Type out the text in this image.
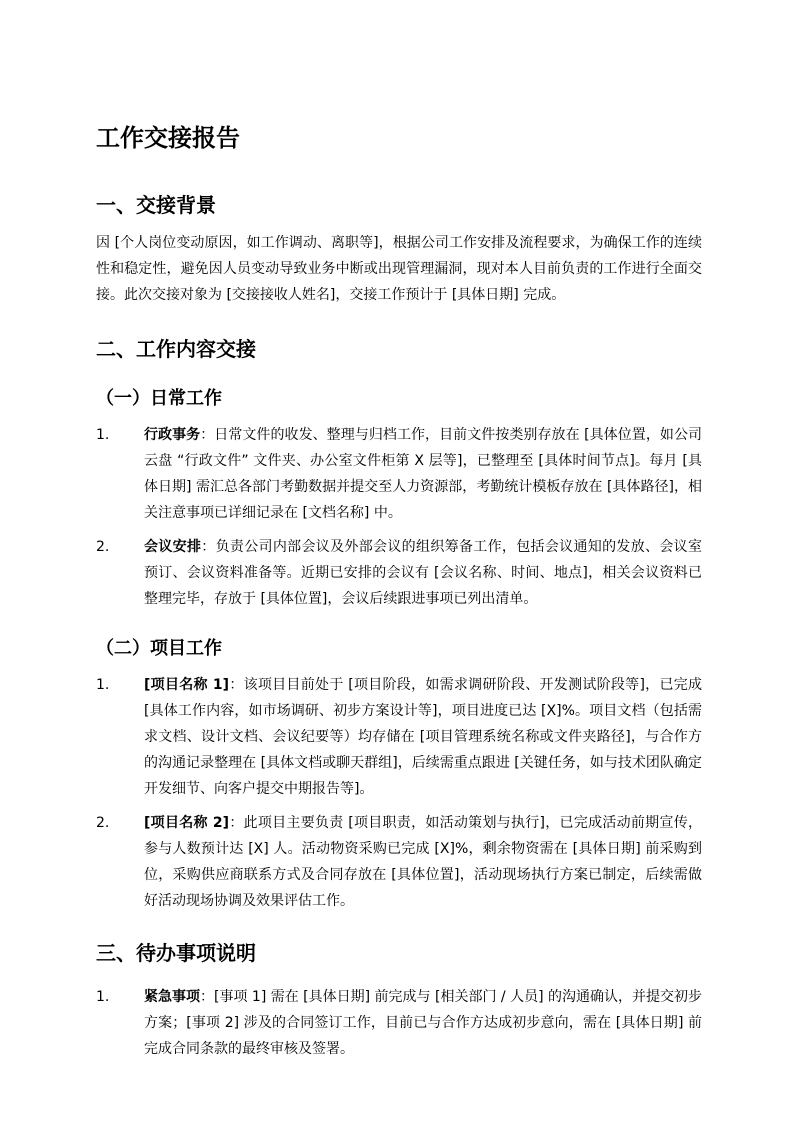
工作交接报告
一、交接背景

因 [个人岗位变动原因，如工作调动、离职等]，根据公司工作安排及流程要求，为确保工作的连续性和稳定性，避免因人员变动导致业务中断或出现管理漏洞，现对本人目前负责的工作进行全面交接。此次交接对象为 [交接接收人姓名]，交接工作预计于 [具体日期] 完成。

二、工作内容交接
（一）日常工作
1. 行政事务：日常文件的收发、整理与归档工作，目前文件按类别存放在 [具体位置，如公司云盘 “行政文件” 文件夹、办公室文件柜第 X 层等]，已整理至 [具体时间节点]。每月 [具体日期] 需汇总各部门考勤数据并提交至人力资源部，考勤统计模板存放在 [具体路径]，相关注意事项已详细记录在 [文档名称] 中。
2. 会议安排：负责公司内部会议及外部会议的组织筹备工作，包括会议通知的发放、会议室预订、会议资料准备等。近期已安排的会议有 [会议名称、时间、地点]，相关会议资料已整理完毕，存放于 [具体位置]，会议后续跟进事项已列出清单。
（二）项目工作
1. [项目名称 1]：该项目目前处于 [项目阶段，如需求调研阶段、开发测试阶段等]，已完成 [具体工作内容，如市场调研、初步方案设计等]，项目进度已达 [X]%。项目文档（包括需求文档、设计文档、会议纪要等）均存储在 [项目管理系统名称或文件夹路径]，与合作方的沟通记录整理在 [具体文档或聊天群组]，后续需重点跟进 [关键任务，如与技术团队确定开发细节、向客户提交中期报告等]。
2. [项目名称 2]：此项目主要负责 [项目职责，如活动策划与执行]，已完成活动前期宣传，参与人数预计达 [X] 人。活动物资采购已完成 [X]%，剩余物资需在 [具体日期] 前采购到位，采购供应商联系方式及合同存放在 [具体位置]，活动现场执行方案已制定，后续需做好活动现场协调及效果评估工作。
三、待办事项说明
1. 紧急事项：[事项 1] 需在 [具体日期] 前完成与 [相关部门 / 人员] 的沟通确认，并提交初步方案；[事项 2] 涉及的合同签订工作，目前已与合作方达成初步意向，需在 [具体日期] 前完成合同条款的最终审核及签署。
